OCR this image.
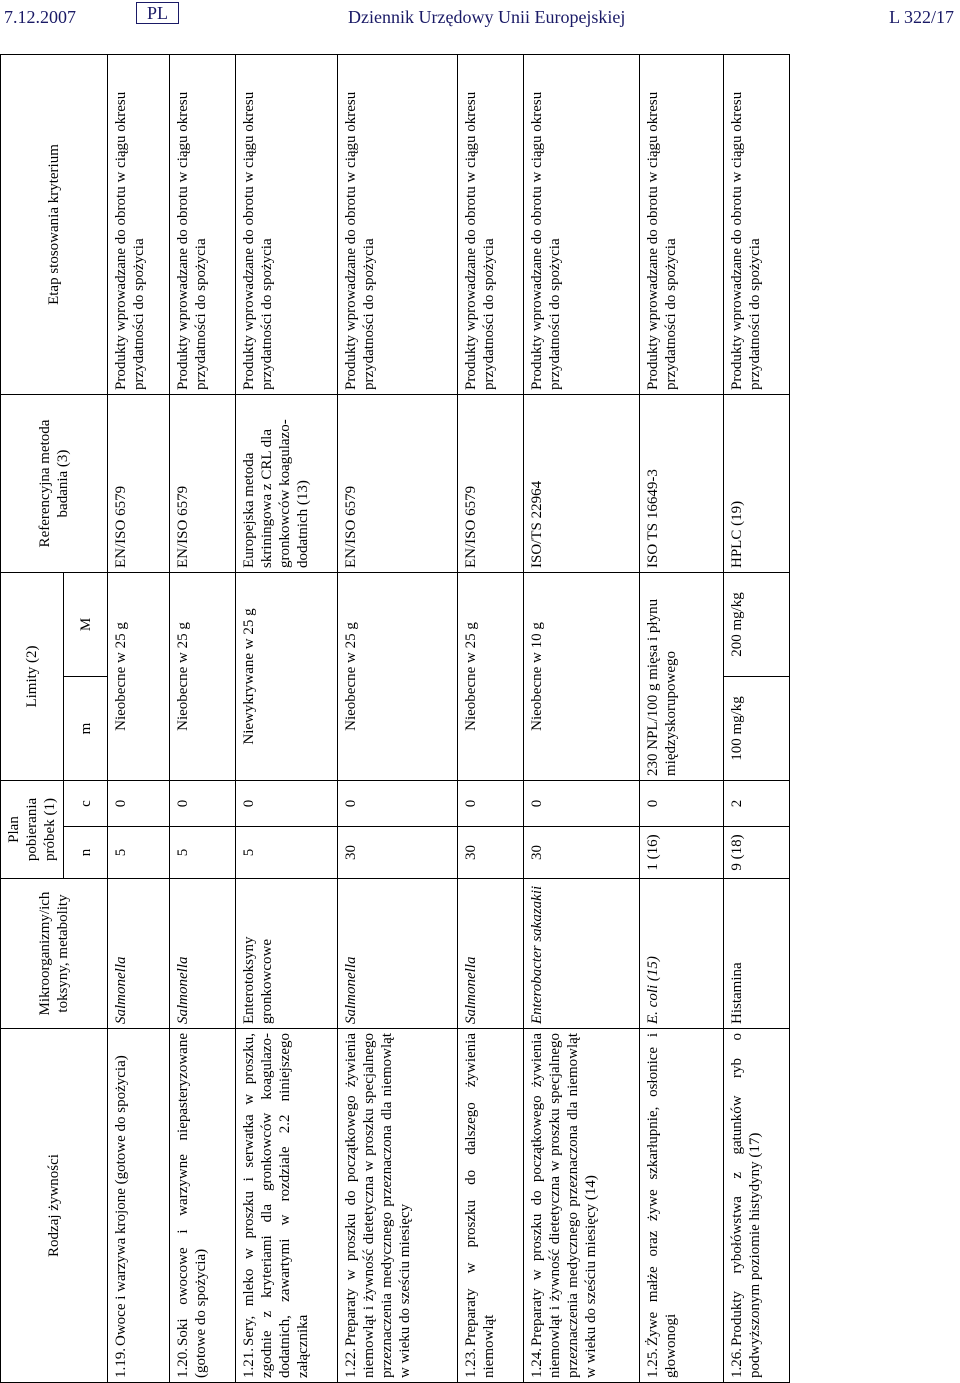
7.12.2007	PL	Dziennik Urzędowy Unii Europejskiej	L 322/17
Rodzaj żywności	Mikroorganizmy/ich toksyny, metabolity	Plan pobierania próbek (1)		Limity (2)		Referencyjna metoda badania (3)	Etap stosowania kryterium
		n	c	m	M		
1.19.Owoce i warzywa krojone (gotowe do spożycia)	Salmonella	5	0	Nieobecne w 25 g		EN/ISO 6579	Produkty wprowadzane do obrotu w ciągu okresu przydatności do spożycia
1.20.Soki owocowe i warzywne niepasteryzowane (gotowe do spożycia)	Salmonella	5	0	Nieobecne w 25 g		EN/ISO 6579	Produkty wprowadzane do obrotu w ciągu okresu przydatności do spożycia
1.21.Sery, mleko w proszku i serwatka w proszku, zgodnie z kryteriami dla gronkowców koagulazo-dodatnich, zawartymi w rozdziale 2.2 niniejszego załącznika	Enterotoksyny gronkowcowe	5	0	Niewykrywane w 25 g		Europejska metoda skriningowa z CRL dla gronkowców koagulazo-dodatnich (13)	Produkty wprowadzane do obrotu w ciągu okresu przydatności do spożycia
1.22.Preparaty w proszku do początkowego żywienia niemowląt i żywność dietetyczna w proszku specjalnego przeznaczenia medycznego przeznaczona dla niemowląt w wieku do sześciu miesięcy	Salmonella	30	0	Nieobecne w 25 g		EN/ISO 6579	Produkty wprowadzane do obrotu w ciągu okresu przydatności do spożycia
1.23.Preparaty w proszku do dalszego żywienia niemowląt	Salmonella	30	0	Nieobecne w 25 g		EN/ISO 6579	Produkty wprowadzane do obrotu w ciągu okresu przydatności do spożycia
1.24.Preparaty w proszku do początkowego żywienia niemowląt i żywność dietetyczna w proszku specjalnego przeznaczenia medycznego przeznaczona dla niemowląt w wieku do sześciu miesięcy (14)	Enterobacter sakazakii	30	0	Nieobecne w 10 g		ISO/TS 22964	Produkty wprowadzane do obrotu w ciągu okresu przydatności do spożycia
1.25.Żywe małże oraz żywe szkarłupnie, osłonice i głowonogi	E. coli (15)	1 (16)	0	230 NPL/100 g mięsa i płynu międzyskorupowego		ISO TS 16649-3	Produkty wprowadzane do obrotu w ciągu okresu przydatności do spożycia
1.26.Produkty rybołówstwa z gatunków ryb o podwyższonym poziomie histydyny (17)	Histamina	9 (18)	2	100 mg/kg	200 mg/kg	HPLC (19)	Produkty wprowadzane do obrotu w ciągu okresu przydatności do spożycia
